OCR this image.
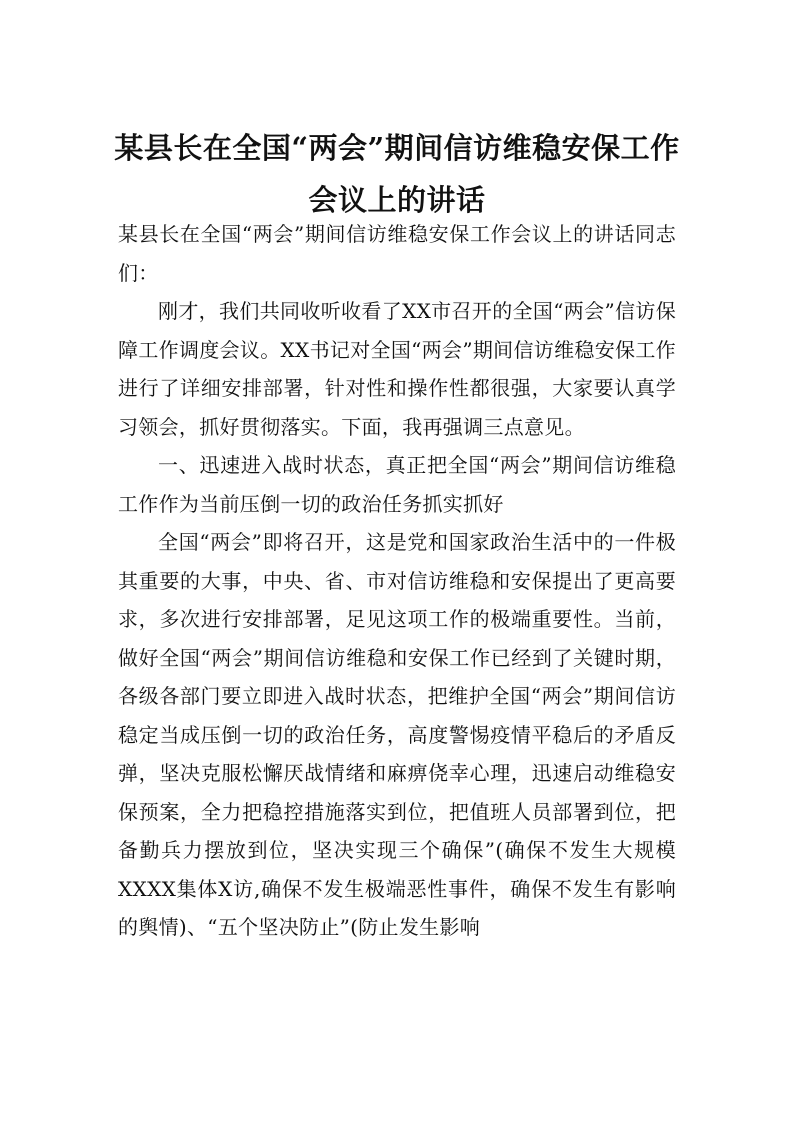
某县长在全国“两会”期间信访维稳安保工作会议上的讲话

某县长在全国“两会”期间信访维稳安保工作会议上的讲话同志们：

刚才，我们共同收听收看了XX市召开的全国“两会”信访保障工作调度会议。XX书记对全国“两会”期间信访维稳安保工作进行了详细安排部署，针对性和操作性都很强，大家要认真学习领会，抓好贯彻落实。下面，我再强调三点意见。

一、迅速进入战时状态，真正把全国“两会”期间信访维稳工作作为当前压倒一切的政治任务抓实抓好

全国“两会”即将召开，这是党和国家政治生活中的一件极其重要的大事，中央、省、市对信访维稳和安保提出了更高要求，多次进行安排部署，足见这项工作的极端重要性。当前，做好全国“两会”期间信访维稳和安保工作已经到了关键时期，各级各部门要立即进入战时状态，把维护全国“两会”期间信访稳定当成压倒一切的政治任务，高度警惕疫情平稳后的矛盾反弹，坚决克服松懈厌战情绪和麻痹侥幸心理，迅速启动维稳安保预案，全力把稳控措施落实到位，把值班人员部署到位，把备勤兵力摆放到位，坚决实现三个确保”(确保不发生大规模XXXX集体X访,确保不发生极端恶性事件，确保不发生有影响的舆情)、“五个坚决防止”(防止发生影响
